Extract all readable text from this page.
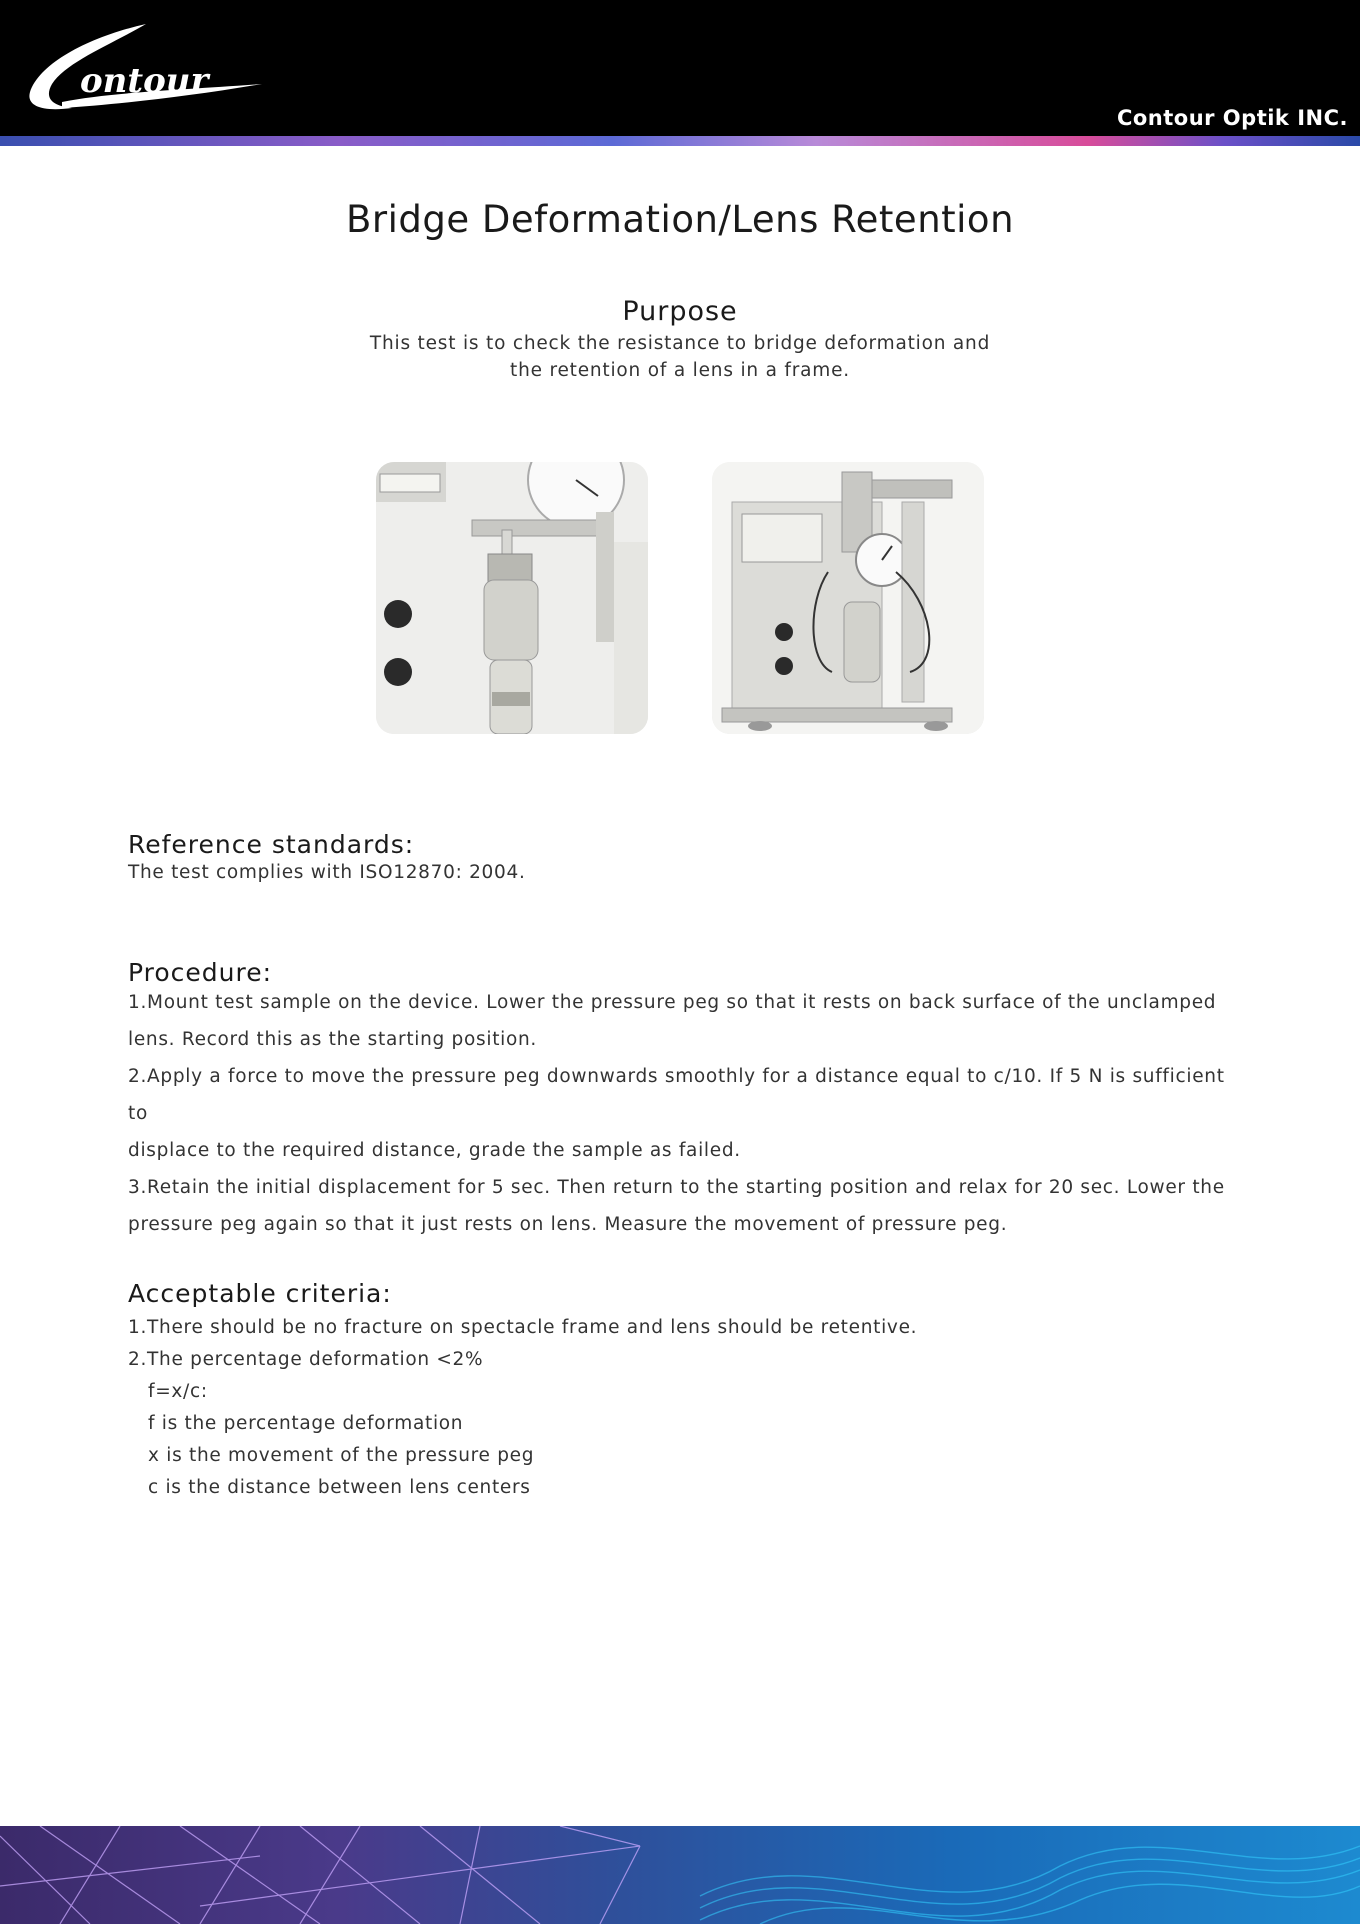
ontour
Contour Optik INC.
Bridge Deformation/Lens Retention
Purpose
This test is to check the resistance to bridge deformation and
the retention of a lens in a frame.
Reference standards:
The test complies with ISO12870: 2004.
Procedure:
1.Mount test sample on the device. Lower the pressure peg so that it rests on back surface of the unclamped
lens. Record this as the starting position.
2.Apply a force to move the pressure peg downwards smoothly for a distance equal to c/10. If 5 N is sufficient to
displace to the required distance, grade the sample as failed.
3.Retain the initial displacement for 5 sec. Then return to the starting position and relax for 20 sec. Lower the
pressure peg again so that it just rests on lens. Measure the movement of pressure peg.
Acceptable criteria:
1.There should be no fracture on spectacle frame and lens should be retentive.
2.The percentage deformation <2%
f=x/c:
f is the percentage deformation
x is the movement of the pressure peg
c is the distance between lens centers
